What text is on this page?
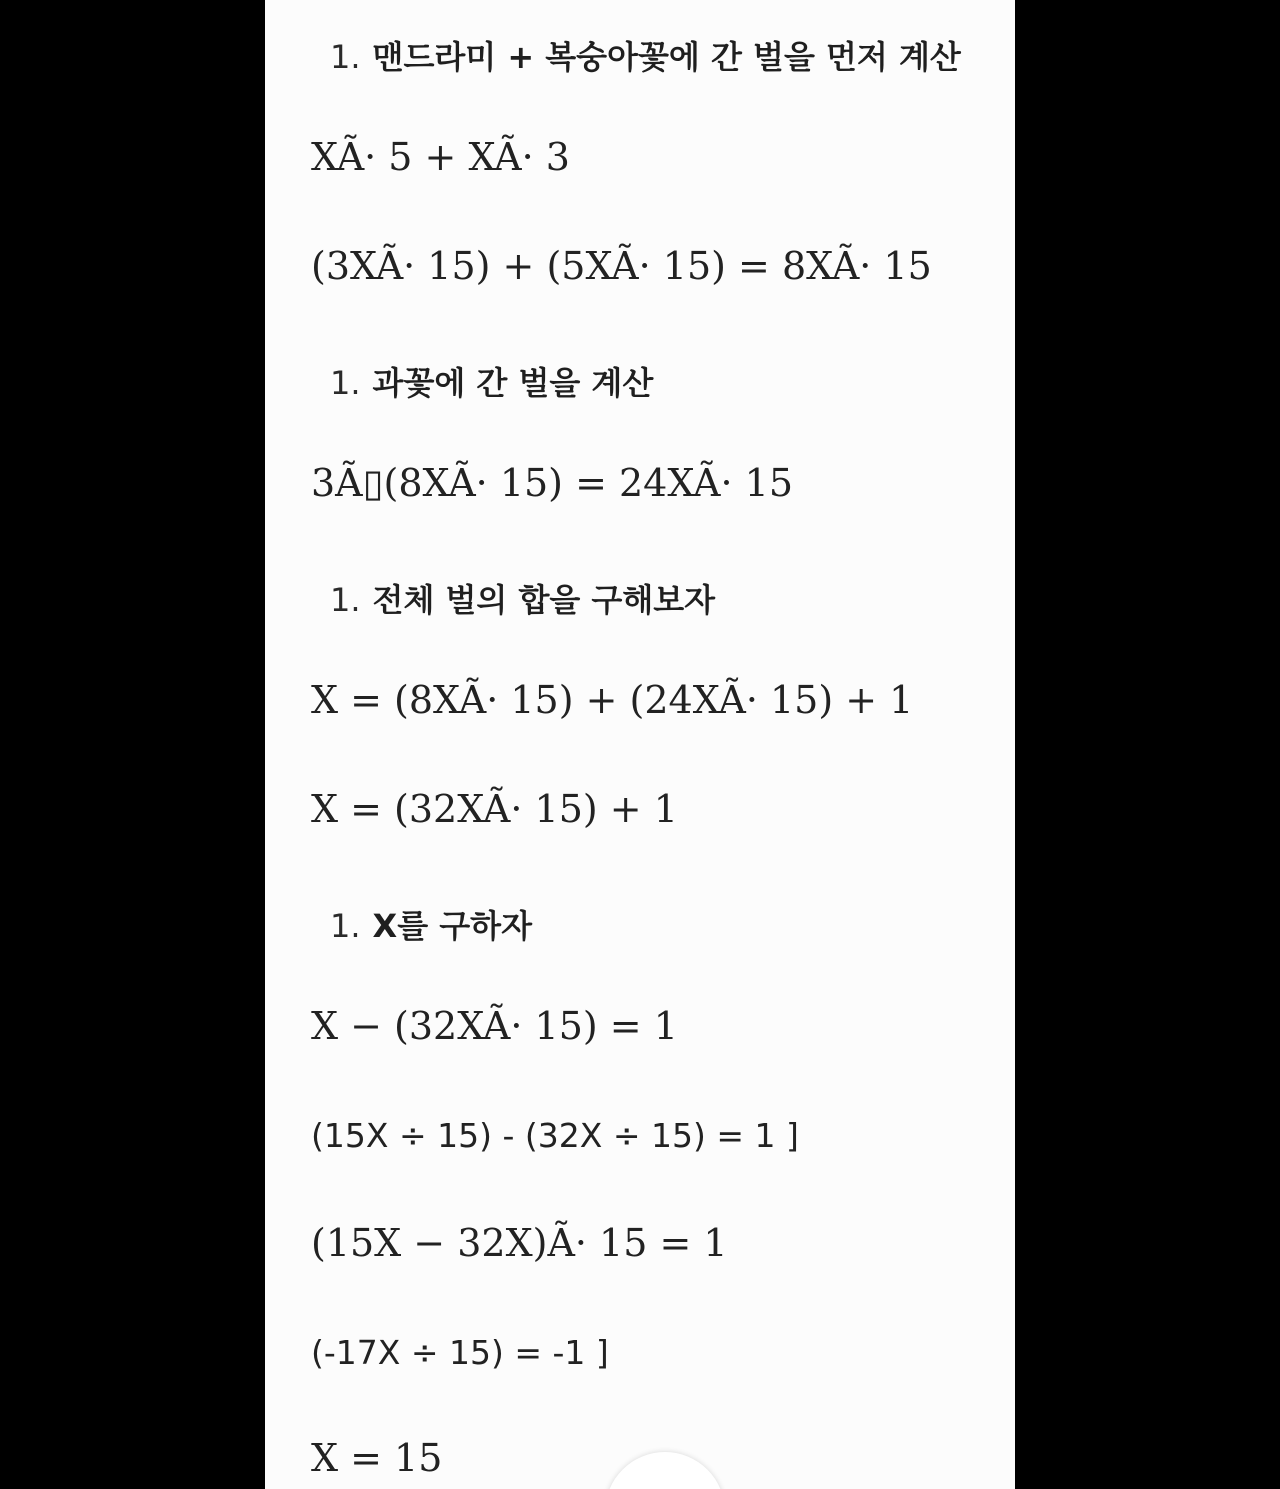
1. 맨드라미 + 복숭아꽃에 간 벌을 먼저 계산
XÃ· 5 + XÃ· 3
(3XÃ· 15) + (5XÃ· 15) = 8XÃ· 15
1. 과꽃에 간 벌을 계산
3Ã▯(8XÃ· 15) = 24XÃ· 15
1. 전체 벌의 합을 구해보자
X = (8XÃ· 15) + (24XÃ· 15) + 1
X = (32XÃ· 15) + 1
1. X를 구하자
X − (32XÃ· 15) = 1
(15X ÷ 15) - (32X ÷ 15) = 1 ]
(15X − 32X)Ã· 15 = 1
(-17X ÷ 15) = -1 ]
X = 15
